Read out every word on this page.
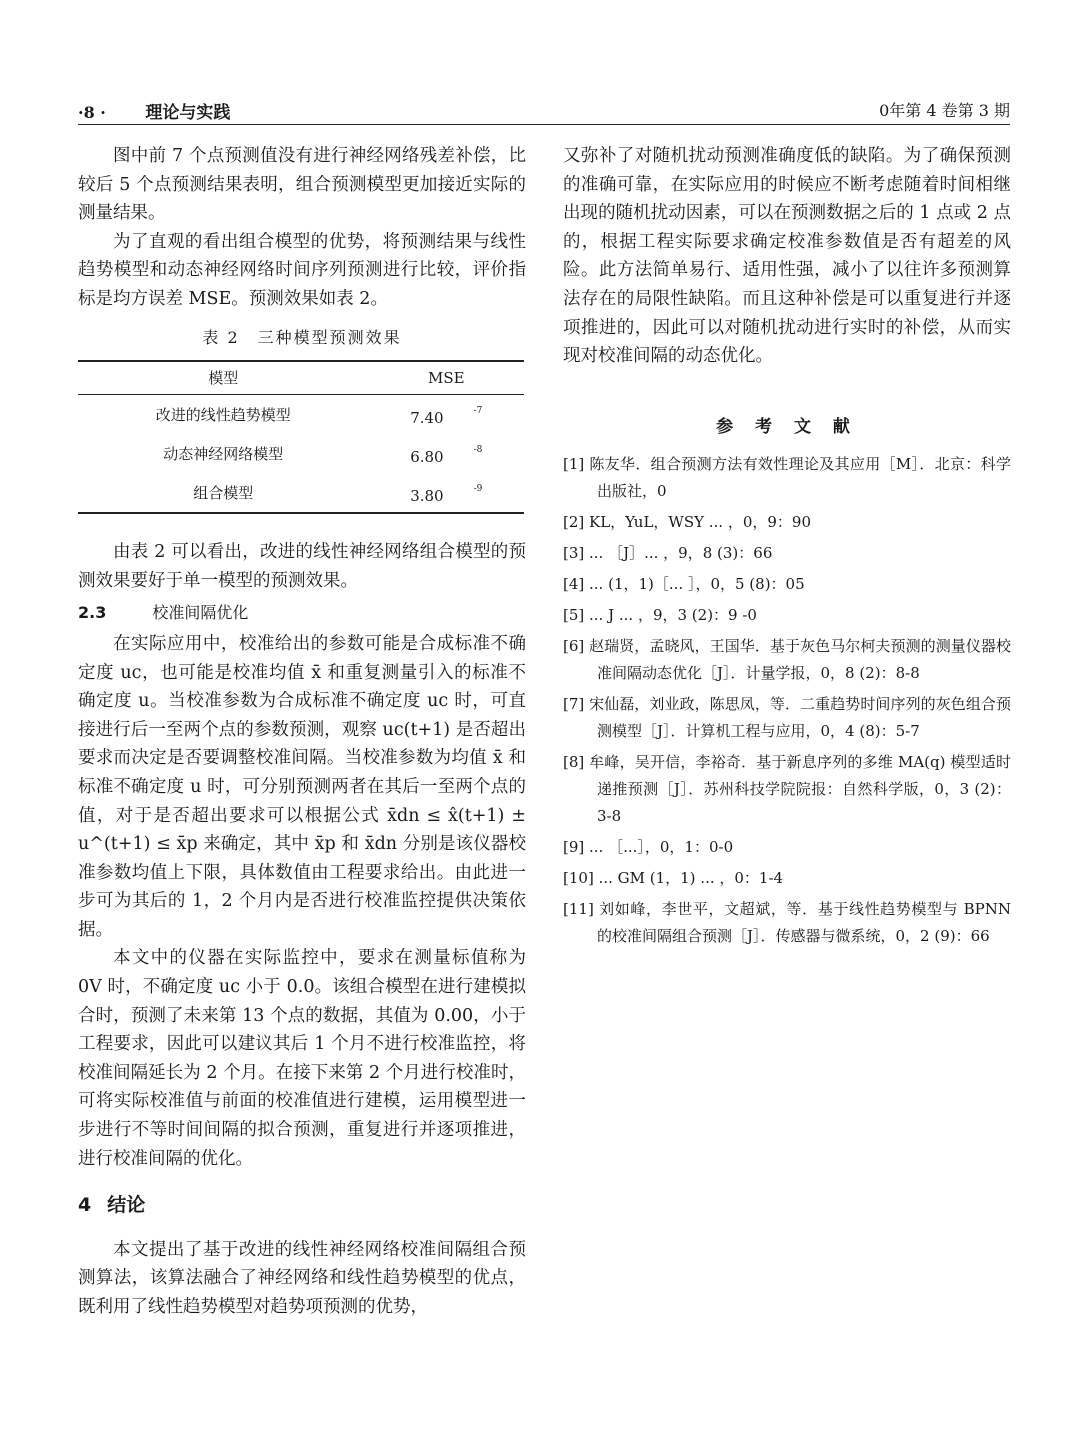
·8 · 理论与实践	0年第 4 卷第 3 期

图中前 7 个点预测值没有进行神经网络残差补偿，比较后 5 个点预测结果表明，组合预测模型更加接近实际的测量结果。

为了直观的看出组合模型的优势，将预测结果与线性趋势模型和动态神经网络时间序列预测进行比较，评价指标是均方误差 MSE。预测效果如表 2。

表 2　三种模型预测效果
模型	MSE
改进的线性趋势模型	7.40 $^{-7}$
动态神经网络模型	6.80 $^{-8}$
组合模型	3.80 $^{-9}$

由表 2 可以看出，改进的线性神经网络组合模型的预测效果要好于单一模型的预测效果。

2.3	校准间隔优化

在实际应用中，校准给出的参数可能是合成标准不确定度 uc，也可能是校准均值 x̄ 和重复测量引入的标准不确定度 u。当校准参数为合成标准不确定度 uc 时，可直接进行后一至两个点的参数预测，观察 uc(t+1) 是否超出要求而决定是否要调整校准间隔。当校准参数为均值 x̄ 和标准不确定度 u 时，可分别预测两者在其后一至两个点的值，对于是否超出要求可以根据公式 x̄dn ≤ x̂(t+1) ± u^(t+1) ≤ x̄p 来确定，其中 x̄p 和 x̄dn 分别是该仪器校准参数均值上下限，具体数值由工程要求给出。由此进一步可为其后的 1，2 个月内是否进行校准监控提供决策依据。

本文中的仪器在实际监控中，要求在测量标值称为 0V 时，不确定度 uc 小于 0.0。该组合模型在进行建模拟合时，预测了未来第 13 个点的数据，其值为 0.00，小于工程要求，因此可以建议其后 1 个月不进行校准监控，将校准间隔延长为 2 个月。在接下来第 2 个月进行校准时，可将实际校准值与前面的校准值进行建模，运用模型进一步进行不等时间间隔的拟合预测，重复进行并逐项推进，进行校准间隔的优化。

4 结论

本文提出了基于改进的线性神经网络校准间隔组合预测算法，该算法融合了神经网络和线性趋势模型的优点，既利用了线性趋势模型对趋势项预测的优势，

又弥补了对随机扰动预测准确度低的缺陷。为了确保预测的准确可靠，在实际应用的时候应不断考虑随着时间相继出现的随机扰动因素，可以在预测数据之后的 1 点或 2 点的，根据工程实际要求确定校准参数值是否有超差的风险。此方法简单易行、适用性强，减小了以往许多预测算法存在的局限性缺陷。而且这种补偿是可以重复进行并逐项推进的，因此可以对随机扰动进行实时的补偿，从而实现对校准间隔的动态优化。

参 考 文 献
[1] 陈友华．组合预测方法有效性理论及其应用［M］．北京：科学出版社，0
[2] KL，YuL，WSY ... ，0，9：90
[3] ... ［J］... ，9，8 (3)：66
[4] ... (1，1)［... ］，0，5 (8)：05
[5] ... J ... ，9，3 (2)：9 -0
[6] 赵瑞贤，孟晓风，王国华．基于灰色马尔柯夫预测的测量仪器校准间隔动态优化［J］．计量学报，0，8 (2)：8-8
[7] 宋仙磊，刘业政，陈思凤，等．二重趋势时间序列的灰色组合预测模型［J］．计算机工程与应用，0，4 (8)：5-7
[8] 牟峰，吴开信，李裕奇．基于新息序列的多维 MA(q) 模型适时递推预测［J］．苏州科技学院院报：自然科学版，0，3 (2)：3-8
[9] ... ［...］，0，1：0-0
[10] ... GM (1，1) ... ，0：1-4
[11] 刘如峰，李世平，文超斌，等．基于线性趋势模型与 BPNN 的校准间隔组合预测［J］．传感器与微系统，0，2 (9)：66
